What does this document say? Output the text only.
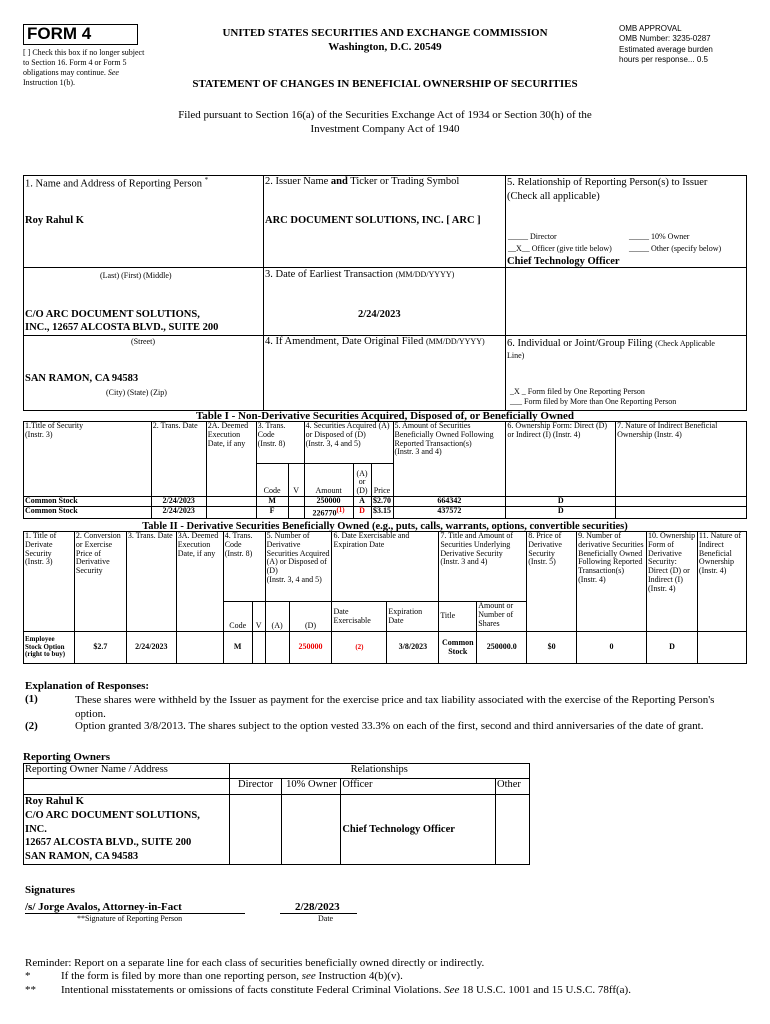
FORM 4
[ ] Check this box if no longer subject to Section 16. Form 4 or Form 5 obligations may continue. See Instruction 1(b).
UNITED STATES SECURITIES AND EXCHANGE COMMISSION
Washington, D.C. 20549
STATEMENT OF CHANGES IN BENEFICIAL OWNERSHIP OF SECURITIES
OMB APPROVAL
OMB Number: 3235-0287
Estimated average burden
hours per response... 0.5
Filed pursuant to Section 16(a) of the Securities Exchange Act of 1934 or Section 30(h) of the
Investment Company Act of 1940
1. Name and Address of Reporting Person *
Roy Rahul K
(Last) (First) (Middle)
C/O ARC DOCUMENT SOLUTIONS,
INC., 12657 ALCOSTA BLVD., SUITE 200
(Street)
SAN RAMON, CA 94583
(City) (State) (Zip)
2. Issuer Name and Ticker or Trading Symbol
ARC DOCUMENT SOLUTIONS, INC. [ ARC ]
3. Date of Earliest Transaction (MM/DD/YYYY)
2/24/2023
4. If Amendment, Date Original Filed (MM/DD/YYYY)
5. Relationship of Reporting Person(s) to Issuer
(Check all applicable)
_____ Director	_____ 10% Owner
__X__ Officer (give title below) _____ Other (specify below)
Chief Technology Officer
6. Individual or Joint/Group Filing (Check Applicable
Line)
_X _ Form filed by One Reporting Person
___ Form filed by More than One Reporting Person
Table I - Non-Derivative Securities Acquired, Disposed of, or Beneficially Owned
1.Title of Security
(Instr. 3)	2. Trans. Date	2A. Deemed Execution Date, if any	3. Trans. Code
(Instr. 8)		4. Securities Acquired (A) or Disposed of (D)
(Instr. 3, 4 and 5)			5. Amount of Securities Beneficially Owned Following Reported Transaction(s)
(Instr. 3 and 4)	6. Ownership Form: Direct (D) or Indirect (I) (Instr. 4)	7. Nature of Indirect Beneficial Ownership (Instr. 4)
			Code	V	Amount	(A)
or
(D)	Price			
Common Stock	2/24/2023		M		250000	A	$2.70	664342	D	
Common Stock	2/24/2023		F		226770(1)	D	$3.15	437572	D	
Table II - Derivative Securities Beneficially Owned (e.g., puts, calls, warrants, options, convertible securities)
1. Title of Derivate Security
(Instr. 3)	2. Conversion or Exercise Price of Derivative Security	3. Trans. Date	3A. Deemed Execution Date, if any	4. Trans. Code
(Instr. 8)		5. Number of Derivative Securities Acquired (A) or Disposed of (D)
(Instr. 3, 4 and 5)		6. Date Exercisable and Expiration Date		7. Title and Amount of Securities Underlying Derivative Security
(Instr. 3 and 4)		8. Price of Derivative Security
(Instr. 5)	9. Number of derivative Securities Beneficially Owned Following Reported Transaction(s)
(Instr. 4)	10. Ownership Form of Derivative Security: Direct (D) or Indirect (I)
(Instr. 4)	11. Nature of Indirect Beneficial Ownership
(Instr. 4)
				Code	V	(A)	(D)	Date
Exercisable	Expiration
Date	Title	Amount or
Number of
Shares				
Employee Stock Option (right to buy)	$2.7	2/24/2023		M			250000	(2)	3/8/2023	Common Stock	250000.0	$0	0	D	
Explanation of Responses:
(1)	These shares were withheld by the Issuer as payment for the exercise price and tax liability associated with the exercise of the Reporting Person's option.
(2)	Option granted 3/8/2013. The shares subject to the option vested 33.3% on each of the first, second and third anniversaries of the date of grant.
Reporting Owners
Reporting Owner Name / Address	Relationships			
	Director	10% Owner	Officer	Other

Roy Rahul K
C/O ARC DOCUMENT SOLUTIONS,
INC.
12657 ALCOSTA BLVD., SUITE 200
SAN RAMON, CA 94583			Chief Technology Officer	
Signatures
/s/ Jorge Avalos, Attorney-in-Fact
**Signature of Reporting Person
2/28/2023
Date
Reminder: Report on a separate line for each class of securities beneficially owned directly or indirectly.
*	If the form is filed by more than one reporting person, see Instruction 4(b)(v).
** Intentional misstatements or omissions of facts constitute Federal Criminal Violations. See 18 U.S.C. 1001 and 15 U.S.C. 78ff(a).
